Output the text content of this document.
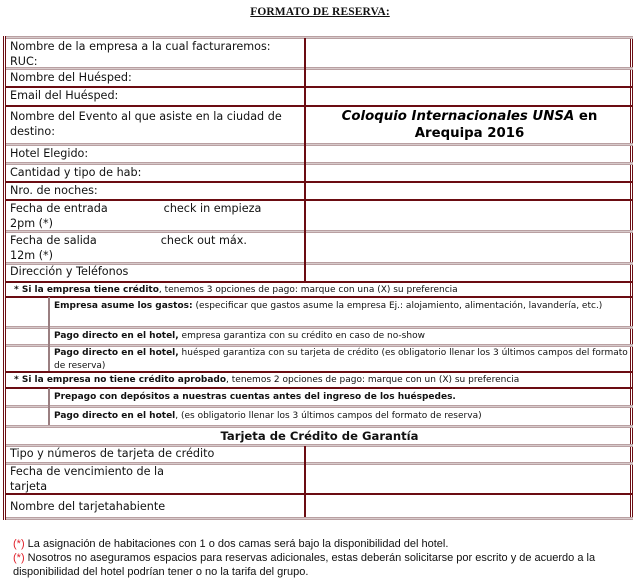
FORMATO DE RESERVA:
Nombre de la empresa a la cual facturaremos:
RUC:
Nombre del Huésped:
Email del Huésped:
Nombre del Evento al que asiste en la ciudad de
destino:
Coloquio Internacionales UNSA en
Arequipa 2016
Hotel Elegido:
Cantidad y tipo de hab:
Nro. de noches:
Fecha de entrada	check in empieza
2pm (*)
Fecha de salida	check out máx.
12m (*)
Dirección y Teléfonos
* Si la empresa tiene crédito, tenemos 3 opciones de pago: marque con una (X) su preferencia
Empresa asume los gastos: (especificar que gastos asume la empresa Ej.: alojamiento, alimentación, lavandería, etc.)
Pago directo en el hotel, empresa garantiza con su crédito en caso de no-show
Pago directo en el hotel, huésped garantiza con su tarjeta de crédito (es obligatorio llenar los 3 últimos campos del formato de reserva)
* Si la empresa no tiene crédito aprobado, tenemos 2 opciones de pago: marque con un (X) su preferencia
Prepago con depósitos a nuestras cuentas antes del ingreso de los huéspedes.
Pago directo en el hotel, (es obligatorio llenar los 3 últimos campos del formato de reserva)
Tarjeta de Crédito de Garantía
Tipo y números de tarjeta de crédito
Fecha de vencimiento de la
tarjeta
Nombre del tarjetahabiente
(*) La asignación de habitaciones con 1 o dos camas será bajo la disponibilidad del hotel.
(*) Nosotros no aseguramos espacios para reservas adicionales, estas deberán solicitarse por escrito y de acuerdo a la disponibilidad del hotel podrían tener o no la tarifa del grupo.
